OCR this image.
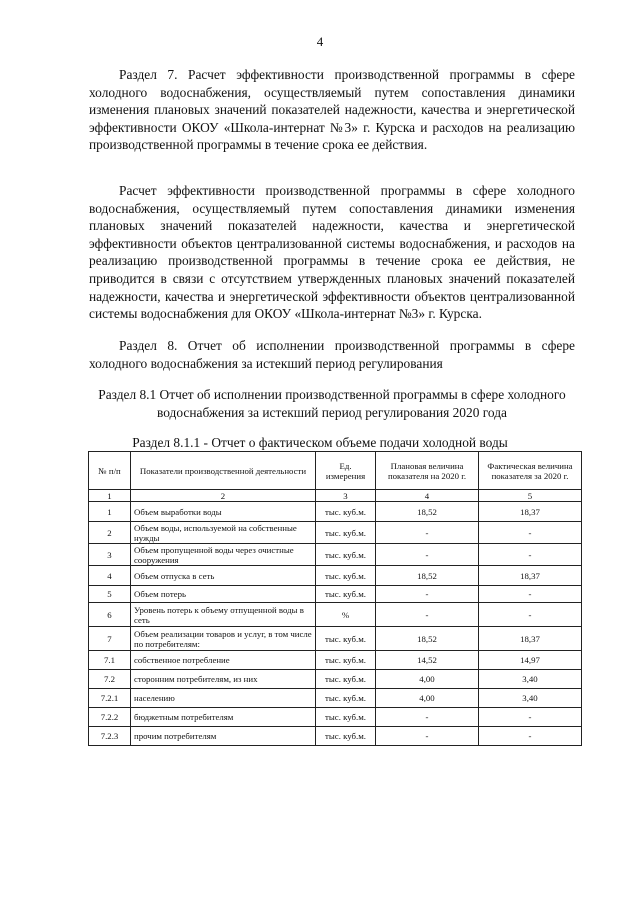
4

Раздел 7. Расчет эффективности производственной программы в сфере холодного водоснабжения, осуществляемый путем сопоставления динамики изменения плановых значений показателей надежности, качества и энергетической эффективности ОКОУ «Школа-интернат №3» г. Курска и расходов на реализацию производственной программы в течение срока ее действия.

Расчет эффективности производственной программы в сфере холодного водоснабжения, осуществляемый путем сопоставления динамики изменения плановых значений показателей надежности, качества и энергетической эффективности объектов централизованной системы водоснабжения, и расходов на реализацию производственной программы в течение срока ее действия, не приводится в связи с отсутствием утвержденных плановых значений показателей надежности, качества и энергетической эффективности объектов централизованной системы водоснабжения для ОКОУ «Школа-интернат №3» г. Курска.

Раздел 8. Отчет об исполнении производственной программы в сфере холодного водоснабжения за истекший период регулирования

Раздел 8.1 Отчет об исполнении производственной программы в сфере холодного водоснабжения за истекший период регулирования 2020 года

Раздел 8.1.1 - Отчет о фактическом объеме подачи холодной воды

№ п/п	Показатели производственной деятельности	Ед. измерения	Плановая величина показателя на 2020 г.	Фактическая величина показателя за 2020 г.
1	2	3	4	5
1	Объем выработки воды	тыс. куб.м.	18,52	18,37
2	Объем воды, используемой на собственные нужды	тыс. куб.м.	-	-
3	Объем пропущенной воды через очистные сооружения	тыс. куб.м.	-	-
4	Объем отпуска в сеть	тыс. куб.м.	18,52	18,37
5	Объем потерь	тыс. куб.м.	-	-
6	Уровень потерь к объему отпущенной воды в сеть	%	-	-
7	Объем реализации товаров и услуг, в том числе по потребителям:	тыс. куб.м.	18,52	18,37
7.1	собственное потребление	тыс. куб.м.	14,52	14,97
7.2	сторонним потребителям, из них	тыс. куб.м.	4,00	3,40
7.2.1	населению	тыс. куб.м.	4,00	3,40
7.2.2	бюджетным потребителям	тыс. куб.м.	-	-
7.2.3	прочим потребителям	тыс. куб.м.	-	-
